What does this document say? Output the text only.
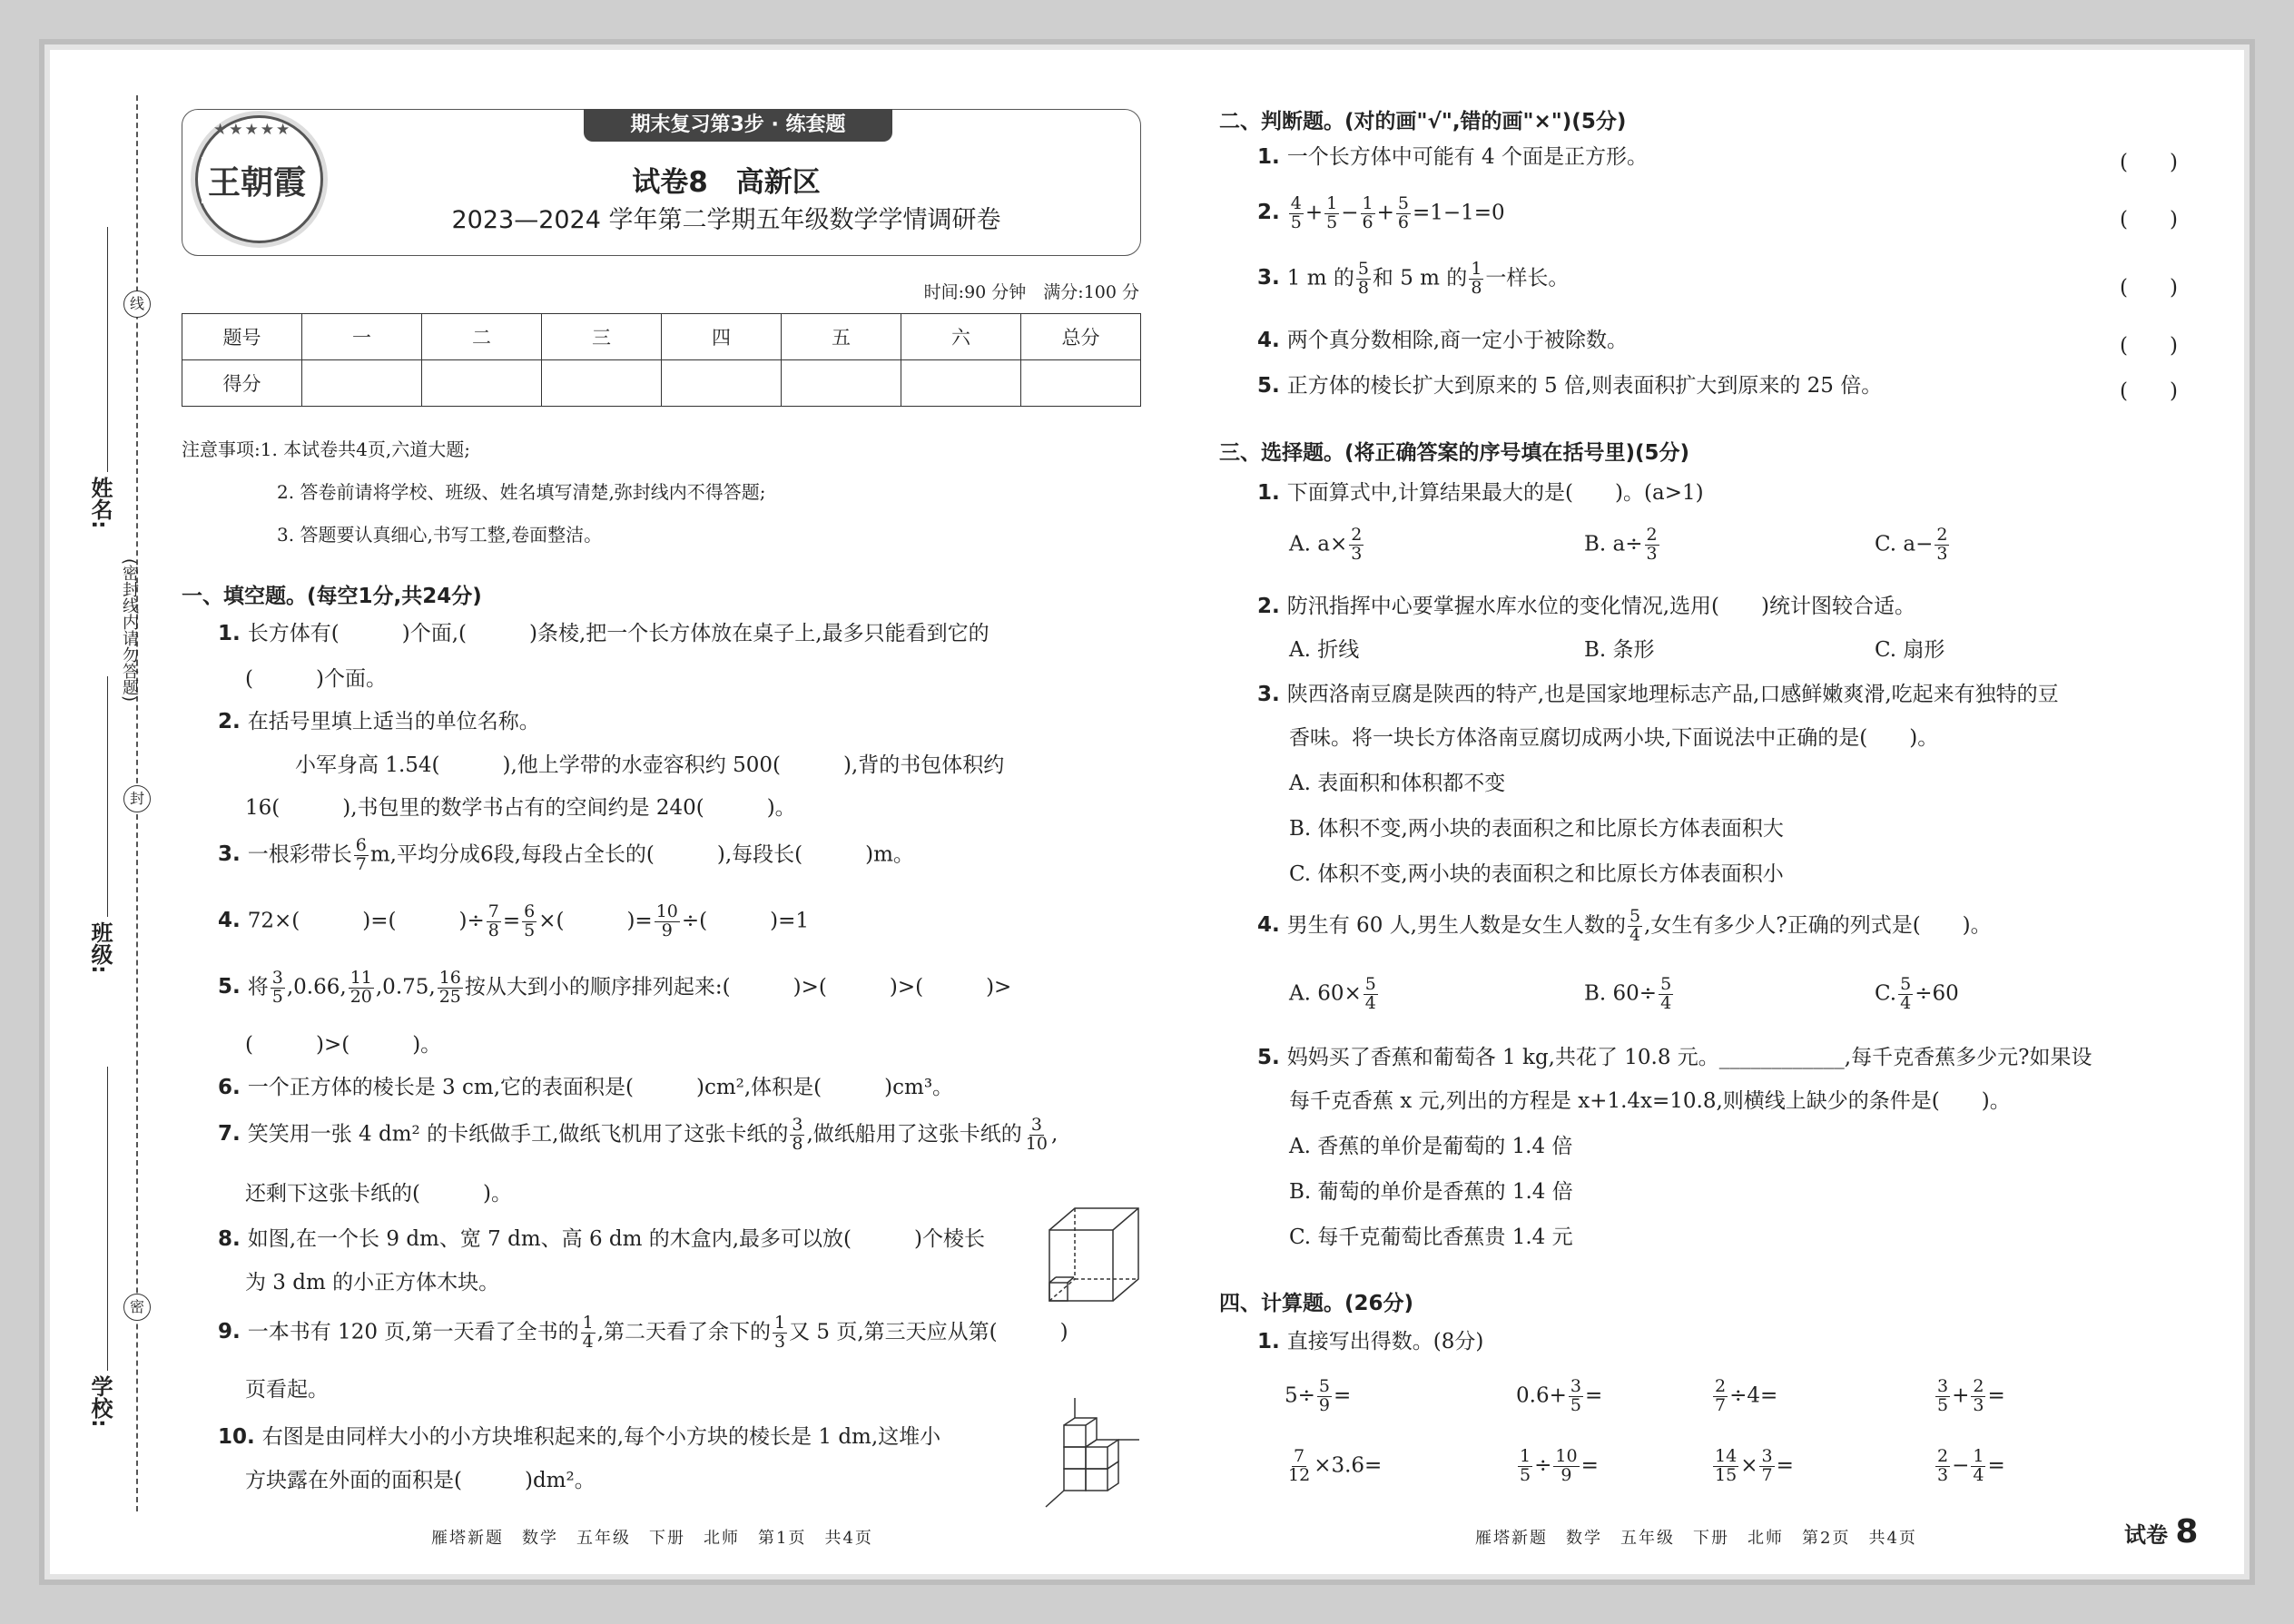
线
封
密
(密封线内请勿答题)
姓名:
班级:
学校:
★★★★★
王朝霞
期末复习第3步 · 练套题
试卷8　高新区
2023—2024 学年第二学期五年级数学学情调研卷
时间:90 分钟　满分:100 分
题号	一	二	三	四	五	六	总分
得分							
注意事项:1. 本试卷共4页,六道大题;
2. 答卷前请将学校、班级、姓名填写清楚,弥封线内不得答题;
3. 答题要认真细心,书写工整,卷面整洁。
一、填空题。(每空1分,共24分)
1. 长方体有(　　　)个面,(　　　)条棱,把一个长方体放在桌子上,最多只能看到它的
(　　　)个面。
2. 在括号里填上适当的单位名称。
小军身高 1.54(　　　),他上学带的水壶容积约 500(　　　),背的书包体积约
16(　　　),书包里的数学书占有的空间约是 240(　　　)。
3. 一根彩带长 $\frac{6}{7} m$,平均分成6段,每段占全长的(　　　),每段长(　　　)m。
4. 72×(　　　)=(　　　)÷ $\frac{7}{8} = \frac{6}{5}$ ×(　　　)= $\frac{10}{9}$ ÷(　　　)=1
5. 将 $\frac{3}{5} ,0.66$, $\frac{11}{20} ,0.75$, $\frac{16}{25}$ 按从大到小的顺序排列起来:(　　　)>(　　　)>(　　　)>
(　　　)>(　　　)。
6. 一个正方体的棱长是 3 cm,它的表面积是(　　　)cm²,体积是(　　　)cm³。
7. 笑笑用一张 4 dm² 的卡纸做手工,做纸飞机用了这张卡纸的 $\frac{3}{8}$ ,做纸船用了这张卡纸的 $\frac{3}{10}$ ,
还剩下这张卡纸的(　　　)。
8. 如图,在一个长 9 dm、宽 7 dm、高 6 dm 的木盒内,最多可以放(　　　)个棱长
为 3 dm 的小正方体木块。
9. 一本书有 120 页,第一天看了全书的 $\frac{1}{4}$ ,第二天看了余下的 $\frac{1}{3}$ 又 5 页,第三天应从第(　　　)
页看起。
10. 右图是由同样大小的小方块堆积起来的,每个小方块的棱长是 1 dm,这堆小
方块露在外面的面积是(　　　)dm²。
二、判断题。(对的画"√",错的画"×")(5分)
1. 一个长方体中可能有 4 个面是正方形。	(　　)
2. $\frac{4}{5} + \frac{1}{5} - \frac{1}{6} + \frac{5}{6} =1-1=0$	(　　)
3. 1 m 的 $\frac{5}{8}$ 和 5 m 的 $\frac{1}{8}$ 一样长。	(　　)
4. 两个真分数相除,商一定小于被除数。	(　　)
5. 正方体的棱长扩大到原来的 5 倍,则表面积扩大到原来的 25 倍。	(　　)
三、选择题。(将正确答案的序号填在括号里)(5分)
1. 下面算式中,计算结果最大的是(　　)。(a>1)
A. $a\times \frac{2}{3}$	B. $a\div \frac{2}{3}$	C. $a- \frac{2}{3}$
2. 防汛指挥中心要掌握水库水位的变化情况,选用(　　)统计图较合适。
A. 折线	B. 条形	C. 扇形
3. 陕西洛南豆腐是陕西的特产,也是国家地理标志产品,口感鲜嫩爽滑,吃起来有独特的豆
香味。将一块长方体洛南豆腐切成两小块,下面说法中正确的是(　　)。
A. 表面积和体积都不变
B. 体积不变,两小块的表面积之和比原长方体表面积大
C. 体积不变,两小块的表面积之和比原长方体表面积小
4. 男生有 60 人,男生人数是女生人数的 $\frac{5}{4}$ ,女生有多少人?正确的列式是(　　)。
A. $60\times \frac{5}{4}$	B. $60\div \frac{5}{4}$	C. $\frac{5}{4} \div 60$
5. 妈妈买了香蕉和葡萄各 1 kg,共花了 10.8 元。____________,每千克香蕉多少元?如果设
每千克香蕉 x 元,列出的方程是 x+1.4x=10.8,则横线上缺少的条件是(　　)。
A. 香蕉的单价是葡萄的 1.4 倍
B. 葡萄的单价是香蕉的 1.4 倍
C. 每千克葡萄比香蕉贵 1.4 元
四、计算题。(26分)
1. 直接写出得数。(8分)
$5\div \frac{5}{9}$ =	$0.6+ \frac{3}{5}$ =	$\frac{2}{7} \div 4=$	$\frac{3}{5} + \frac{2}{3}$ =
$\frac{7}{12} \times 3.6=$	$\frac{1}{5} \div \frac{10}{9}$ =	$\frac{14}{15} \times \frac{3}{7}$ =	$\frac{2}{3} - \frac{1}{4}$ =
雁塔新题　数学　五年级　下册　北师　第1页　共4页	雁塔新题　数学　五年级　下册　北师　第2页　共4页	试卷 8
